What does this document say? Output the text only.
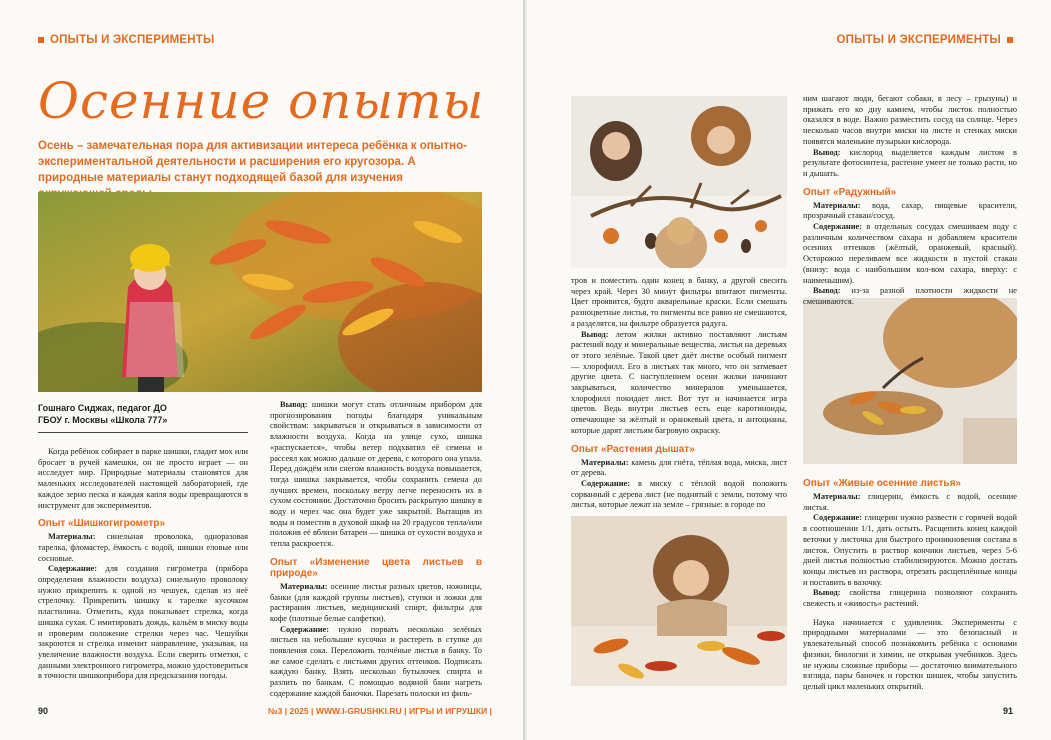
ОПЫТЫ И ЭКСПЕРИМЕНТЫ
Осенние опыты
Осень – замечательная пора для активизации интереса ребёнка к опытно-экспериментальной деятельности и расширения его кругозора. А природные материалы станут подходящей базой для изучения
Гошнаго Сиджах, педагог ДО
ГБОУ г. Москвы «Школа 777»

Когда ребёнок собирает в парке шишки, гладит мох или бросает в ручей камешки, он не просто играет — он исследует мир. Природные материалы становятся для маленьких исследователей настоящей лабораторией, где каждое зерно песка и каждая капля воды превращаются в инструмент для экспериментов.

Опыт «Шишкогигрометр»

Материалы: синельная проволока, одноразовая тарелка, фломастер, ёмкость с водой, шишки еловые или сосновые.

Содержание: для создания гигрометра (прибора определения влажности воздуха) синельную проволоку нужно прикрепить к одной из чешуек, сделав из неё стрелочку. Прикрепить шишку к тарелке кусочком пластилина. Отметить, куда показывает стрелка, когда шишка сухая. С имитировать дождь, кальём в миску воды и проверим положение стрелки через час. Чешуйки закроются и стрелка изменит направление, указывая, на увеличение влажности воздуха. Если сверить отметки, с данными электронного гигрометра, можно удостовериться в точности шишкоприбора для предсказания погоды.

Вывод: шишки могут стать отличным прибором для прогнозирования погоды благодаря уникальным свойствам: закрываться и открываться в зависимости от влажности воздуха. Когда на улице сухо, шишка «распускается», чтобы ветер подхватил её семена и рассеял как можно дальше от дерева, с которого она упала. Перед дождём или снегом влажность воздуха повышается, тогда шишка закрывается, чтобы сохранить семена до лучших времен, поскольку ветру легче переносить их в сухом состоянии. Достаточно бросить раскрытую шишку в воду и через час она будет уже закрытой. Вытащив из воды и поместив в духовой шкаф на 20 градусов тепла/или положив её вблизи батареи — шишка от сухости воздуха и тепла раскроется.

Опыт «Изменение цвета листьев в природе»

Материалы: осенние листья разных цветов, ножницы, банки (для каждой группы листьев), ступки и ложки для растирания листьев, медицинский спирт, фильтры для кофе (плотные белые салфетки).

Содержание: нужно порвать несколько зелёных листьев на небольшие кусочки и растереть в ступке до появления сока. Переложить толчёные листья в банку. То же самое сделать с листьями других оттенков. Подписать каждую банку. Взять несколько бутылочек спирта и разлить по банкам. С помощью водяной бани нагреть содержание каждой баночки. Парезать полоски из филь-

90	№3 | 2025 | WWW.I-GRUSHKI.RU | ИГРЫ И ИГРУШКИ |
ОПЫТЫ И ЭКСПЕРИМЕНТЫ

тров и поместить один конец в банку, а другой свесить через край. Через 30 минут фильтры впитают пигменты. Цвет проявится, будто акварельные краски. Если смешать разноцветные листья, то пигменты все равно не смешаются, а разделятся, на фильтре образуется радуга.

Вывод: летом жилки активно поставляют листьям растений воду и минеральные вещества, листья на деревьях от этого зелёные. Такой цвет даёт листве особый пигмент — хлорофилл. Его в листьях так много, что он затмевает другие цвета. С наступлением осени жилки начинают закрываться, количество минералов уменьшается, хлорофилл покидает лист. Вот тут и начинается игра цветов. Ведь внутри листьев есть еще каротиноиды, отвечающие за жёлтый и оранжевый цвета, и антоцианы, которые дарят листьям багровую окраску.

Опыт «Растения дышат»

Материалы: камень для гнёта, тёплая вода, миска, лист от дерева.

Содержание: в миску с тёплой водой положить сорванный с дерева лист (не поднятый с земли, потому что листья, которые лежат на земле – грязные: в городе по

ним шагают люди, бегают собаки, в лесу – грызуны) и прижать его ко дну камнем, чтобы листок полностью оказался в воде. Важно разместить сосуд на солнце. Через несколько часов внутри миски на листе и стенках миски появятся маленькие пузырьки кислорода.

Вывод: кислород выделяется каждым листом в результате фотосинтеза, растение умеет не только расти, но и дышать.

Опыт «Радужный»

Материалы: вода, сахар, пищевые красители, прозрачный стакан/сосуд.

Содержание: в отдельных сосудах смешиваем воду с различным количеством сахара и добавляем красители осенних оттенков (жёлтый, оранжевый, красный). Осторожно переливаем все жидкости в пустой стакан (внизу: вода с наибольшим кол-вом сахара, вверху: с наименьшим).

Вывод: из-за разной плотности жидкости не смешиваются.

Опыт «Живые осенние листья»

Материалы: глицерин, ёмкость с водой, осенние листья.

Содержание: глицерин нужно развести с горячей водой в соотношении 1/1, дать остыть. Расщепить конец каждой веточки у листочка для быстрого проникновения состава в листок. Опустить в раствор кончики листьев, через 5-6 дней листья полностью стабилизируются. Можно достать концы листьев из раствора, отрезать расщеплённые концы и поставить в вазочку.

Вывод: свойства глицерина позволяют сохранять свежесть и «живость» растений.

Наука начинается с удивления. Эксперименты с природными материалами — это безопасный и увлекательный способ познакомить ребёнка с основами физики, биологии и химии, не открывая учебников. Здесь не нужны сложные приборы — достаточно внимательного взгляда, пары баночек и горстки шишек, чтобы запустить целый цикл маленьких открытий.

91
